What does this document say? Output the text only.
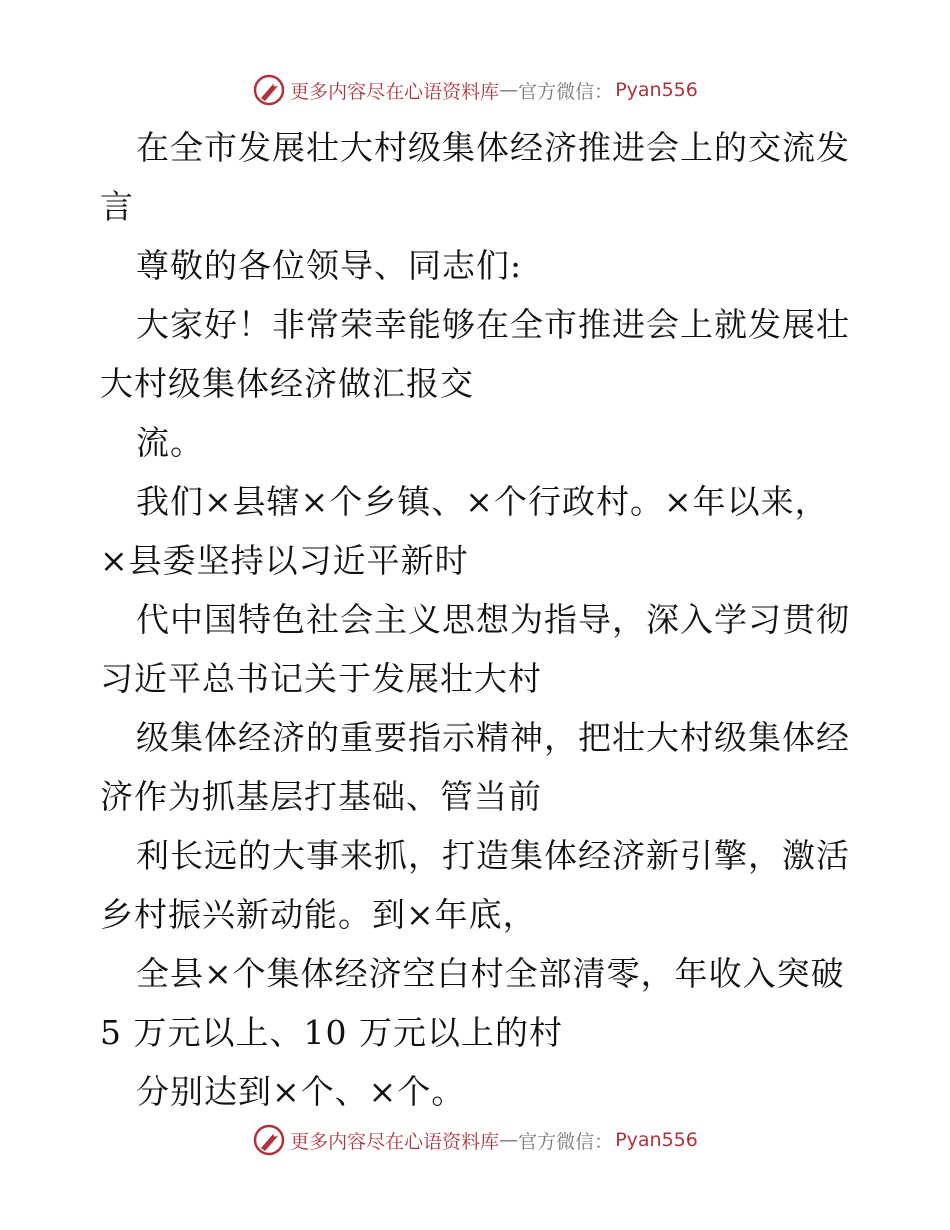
更多内容尽在心语资料库 — 官方微信： Pyan556
在全市发展壮大村级集体经济推进会上的交流发
言
尊敬的各位领导、同志们:
大家好！非常荣幸能够在全市推进会上就发展壮
大村级集体经济做汇报交
流。
我们×县辖×个乡镇、×个行政村。×年以来，
×县委坚持以习近平新时
代中国特色社会主义思想为指导，深入学习贯彻
习近平总书记关于发展壮大村
级集体经济的重要指示精神，把壮大村级集体经
济作为抓基层打基础、管当前
利长远的大事来抓，打造集体经济新引擎，激活
乡村振兴新动能。到×年底，
全县×个集体经济空白村全部清零，年收入突破
5 万元以上、10 万元以上的村
分别达到×个、×个。
更多内容尽在心语资料库 — 官方微信： Pyan556
